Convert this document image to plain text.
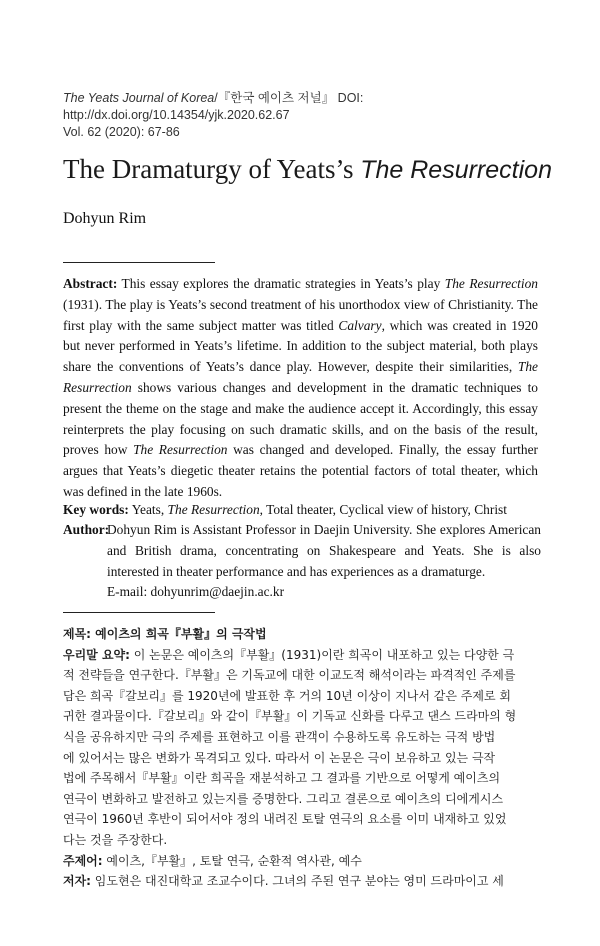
The Yeats Journal of Korea/『한국 예이츠 저널』 DOI: http://dx.doi.org/10.14354/yjk.2020.62.67
Vol. 62 (2020): 67-86
The Dramaturgy of Yeats’s The Resurrection
Dohyun Rim
Abstract: This essay explores the dramatic strategies in Yeats’s play The Resurrection (1931). The play is Yeats’s second treatment of his unorthodox view of Christianity. The first play with the same subject matter was titled Calvary, which was created in 1920 but never performed in Yeats’s lifetime. In addition to the subject material, both plays share the conventions of Yeats’s dance play. However, despite their similarities, The Resurrection shows various changes and development in the dramatic techniques to present the theme on the stage and make the audience accept it. Accordingly, this essay reinterprets the play focusing on such dramatic skills, and on the basis of the result, proves how The Resurrection was changed and developed. Finally, the essay further argues that Yeats’s diegetic theater retains the potential factors of total theater, which was defined in the late 1960s.
Key words: Yeats, The Resurrection, Total theater, Cyclical view of history, Christ
Author:
Dohyun Rim is Assistant Professor in Daejin University. She explores American and British drama, concentrating on Shakespeare and Yeats. She is also interested in theater performance and has experiences as a dramaturge.
E-mail: dohyunrim@daejin.ac.kr
제목: 예이츠의 희곡『부활』의 극작법
우리말 요약: 이 논문은 예이츠의『부활』(1931)이란 희곡이 내포하고 있는 다양한 극
적 전략들을 연구한다.『부활』은 기독교에 대한 이교도적 해석이라는 파격적인 주제를
담은 희곡『갈보리』를 1920년에 발표한 후 거의 10년 이상이 지나서 같은 주제로 회
귀한 결과물이다.『갈보리』와 같이『부활』이 기독교 신화를 다루고 댄스 드라마의 형
식을 공유하지만 극의 주제를 표현하고 이를 관객이 수용하도록 유도하는 극적 방법
에 있어서는 많은 변화가 목격되고 있다. 따라서 이 논문은 극이 보유하고 있는 극작
법에 주목해서『부활』이란 희곡을 재분석하고 그 결과를 기반으로 어떻게 예이츠의
연극이 변화하고 발전하고 있는지를 증명한다. 그리고 결론으로 예이츠의 디에게시스
연극이 1960년 후반이 되어서야 정의 내려진 토탈 연극의 요소를 이미 내재하고 있었
다는 것을 주장한다.
주제어: 예이츠,『부활』, 토탈 연극, 순환적 역사관, 예수
저자: 임도현은 대진대학교 조교수이다. 그녀의 주된 연구 분야는 영미 드라마이고 세
